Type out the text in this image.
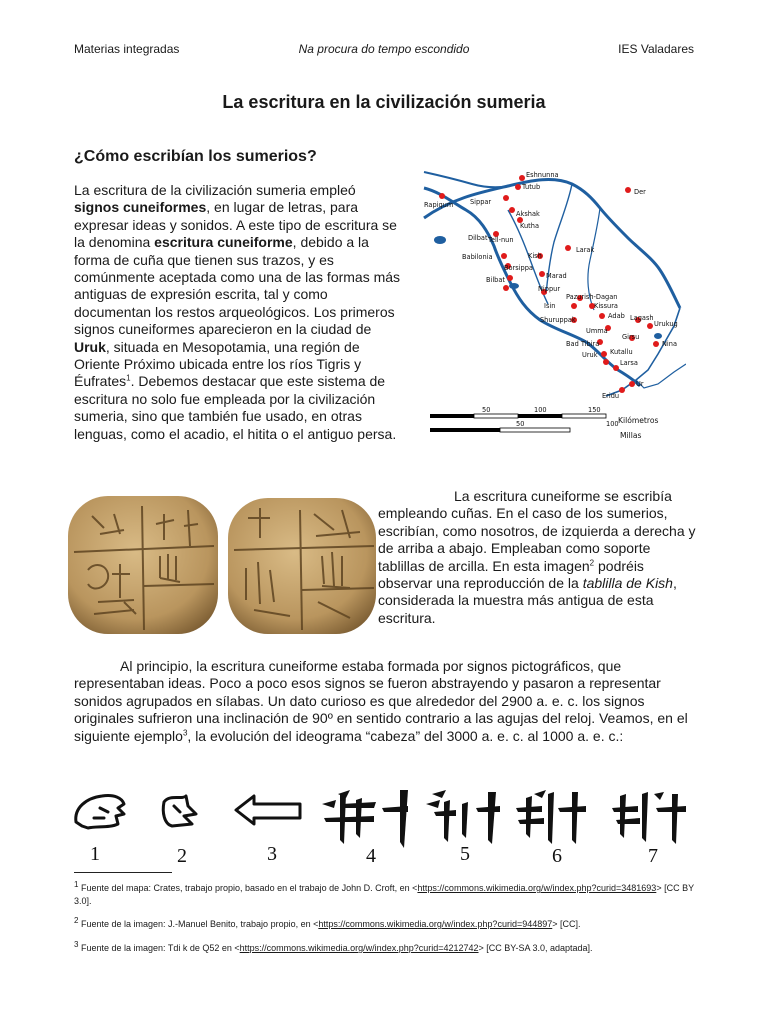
Materias integradas	Na procura do tempo escondido	IES Valadares
La escritura en la civilización sumeria
¿Cómo escribían los sumerios?
La escritura de la civilización sumeria empleó signos cuneiformes, en lugar de letras, para expresar ideas y sonidos. A este tipo de escritura se la denomina escritura cuneiforme, debido a la forma de cuña que tienen sus trazos, y es comúnmente aceptada como una de las formas más antiguas de expresión escrita, tal y como documentan los restos arqueológicos. Los primeros signos cuneiformes aparecieron en la ciudad de Uruk, situada en Mesopotamia, una región de Oriente Próximo ubicada entre los ríos Tigris y Éufrates$^1$. Debemos destacar que este sistema de escritura no solo fue empleada por la civilización sumeria, sino que también fue usado, en otras lenguas, como el acadio, el hitita o el antiguo persa.
Eshnunna
Tutub
Der
Sippar
Rapiqum
Akshak
Kutha
Dilbat Tell-nun
Babilonia	Kish
Borsippa
Marad
Larak
Bilbat
Nippur
Pazurish-Dagan
Isin	Kissura
Shuruppak	Adab Lagash
Umma
Urukug
Girsu
Bad Tibira	Nina
Uruk Kutallu
Larsa
Ur
Eridu
50	100	150
Kilómetros
50	100
Millas
La escritura cuneiforme se escribía empleando cuñas. En el caso de los sumerios, escribían, como nosotros, de izquierda a derecha y de arriba a abajo. Empleaban como soporte tablillas de arcilla. En esta imagen$^2$ podréis observar una reproducción de la tablilla de Kish, considerada la muestra más antigua de esta escritura.
Al principio, la escritura cuneiforme estaba formada por signos pictográficos, que representaban ideas. Poco a poco esos signos se fueron abstrayendo y pasaron a representar sonidos agrupados en sílabas. Un dato curioso es que alrededor del 2900 a. e. c. los signos originales sufrieron una inclinación de 90º en sentido contrario a las agujas del reloj. Veamos, en el siguiente ejemplo$^3$, la evolución del ideograma “cabeza” del 3000 a. e. c. al 1000 a. e. c.:
1	2	3	4	5	6	7
$^1$ Fuente del mapa: Crates, trabajo propio, basado en el trabajo de John D. Croft, en <https://commons.wikimedia.org/w/index.php?curid=3481693> [CC BY 3.0].
$^2$ Fuente de la imagen: J.-Manuel Benito, trabajo propio, en <https://commons.wikimedia.org/w/index.php?curid=944897> [CC].
$^3$ Fuente de la imagen: Tdi k de Q52 en <https://commons.wikimedia.org/w/index.php?curid=4212742> [CC BY-SA 3.0, adaptada].
